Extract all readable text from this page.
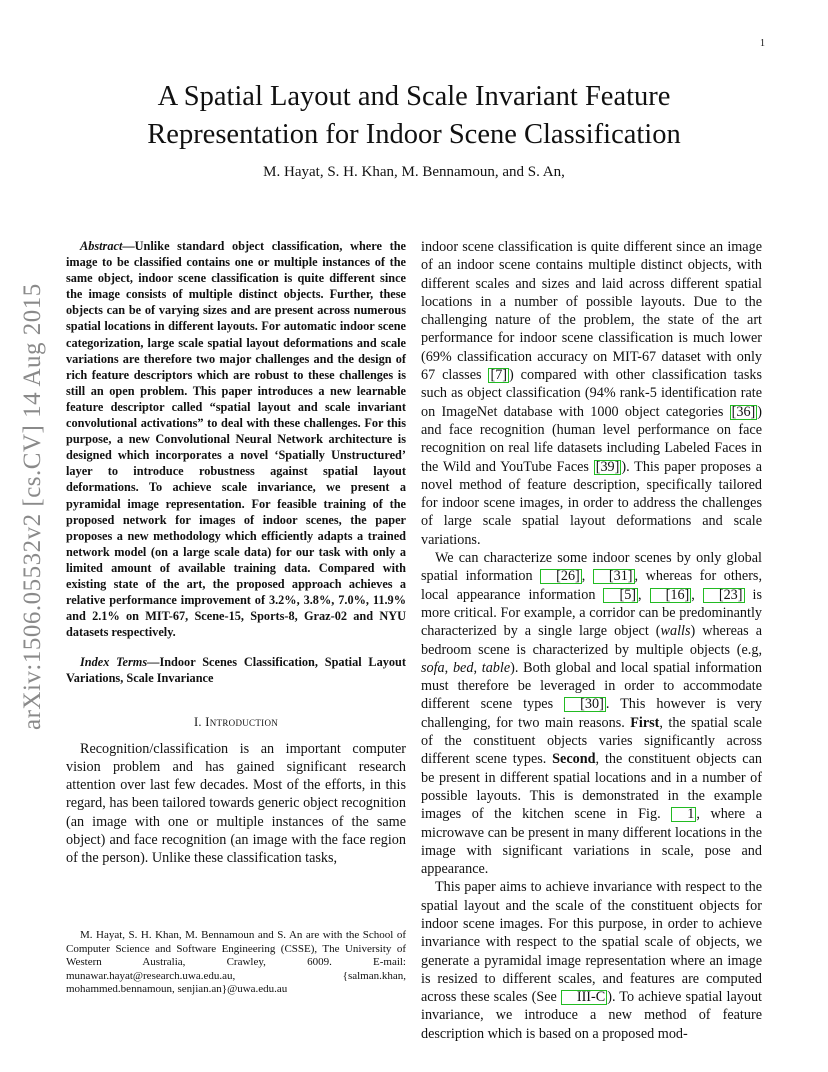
1
arXiv:1506.05532v2 [cs.CV] 14 Aug 2015
A Spatial Layout and Scale Invariant Feature
Representation for Indoor Scene Classification
M. Hayat, S. H. Khan, M. Bennamoun, and S. An,

Abstract—Unlike standard object classification, where the image to be classified contains one or multiple instances of the same object, indoor scene classification is quite different since the image consists of multiple distinct objects. Further, these objects can be of varying sizes and are present across numerous spatial locations in different layouts. For automatic indoor scene categorization, large scale spatial layout deformations and scale variations are therefore two major challenges and the design of rich feature descriptors which are robust to these challenges is still an open problem. This paper introduces a new learnable feature descriptor called “spatial layout and scale invariant convolutional activations” to deal with these challenges. For this purpose, a new Convolutional Neural Network architecture is designed which incorporates a novel ‘Spatially Unstructured’ layer to introduce robustness against spatial layout deformations. To achieve scale invariance, we present a pyramidal image representation. For feasible training of the proposed network for images of indoor scenes, the paper proposes a new methodology which efficiently adapts a trained network model (on a large scale data) for our task with only a limited amount of available training data. Compared with existing state of the art, the proposed approach achieves a relative performance improvement of 3.2%, 3.8%, 7.0%, 11.9% and 2.1% on MIT-67, Scene-15, Sports-8, Graz-02 and NYU datasets respectively.

Index Terms—Indoor Scenes Classification, Spatial Layout Variations, Scale Invariance

I. Introduction

Recognition/classification is an important computer vision problem and has gained significant research attention over last few decades. Most of the efforts, in this regard, has been tailored towards generic object recognition (an image with one or multiple instances of the same object) and face recognition (an image with the face region of the person). Unlike these classification tasks,

M. Hayat, S. H. Khan, M. Bennamoun and S. An are with the School of Computer Science and Software Engineering (CSSE), The University of Western Australia, Crawley, 6009. E-mail: munawar.hayat@research.uwa.edu.au, {salman.khan, mohammed.bennamoun, senjian.an}@uwa.edu.au

indoor scene classification is quite different since an image of an indoor scene contains multiple distinct objects, with different scales and sizes and laid across different spatial locations in a number of possible layouts. Due to the challenging nature of the problem, the state of the art performance for indoor scene classification is much lower (69% classification accuracy on MIT-67 dataset with only 67 classes [7] ) compared with other classification tasks such as object classification (94% rank-5 identification rate on ImageNet database with 1000 object categories [36] ) and face recognition (human level performance on face recognition on real life datasets including Labeled Faces in the Wild and YouTube Faces [39] ). This paper proposes a novel method of feature description, specifically tailored for indoor scene images, in order to address the challenges of large scale spatial layout deformations and scale variations.

We can characterize some indoor scenes by only global spatial information [26] , [31] , whereas for others, local appearance information [5] , [16] , [23] is more critical. For example, a corridor can be predominantly characterized by a single large object (walls) whereas a bedroom scene is characterized by multiple objects (e.g, sofa, bed, table). Both global and local spatial information must therefore be leveraged in order to accommodate different scene types [30] . This however is very challenging, for two main reasons. First, the spatial scale of the constituent objects varies significantly across different scene types. Second, the constituent objects can be present in different spatial locations and in a number of possible layouts. This is demonstrated in the example images of the kitchen scene in Fig. 1 , where a microwave can be present in many different locations in the image with significant variations in scale, pose and appearance.

This paper aims to achieve invariance with respect to the spatial layout and the scale of the constituent objects for indoor scene images. For this purpose, in order to achieve invariance with respect to the spatial scale of objects, we generate a pyramidal image representation where an image is resized to different scales, and features are computed across these scales (See III-C ). To achieve spatial layout invariance, we introduce a new method of feature description which is based on a proposed mod-
